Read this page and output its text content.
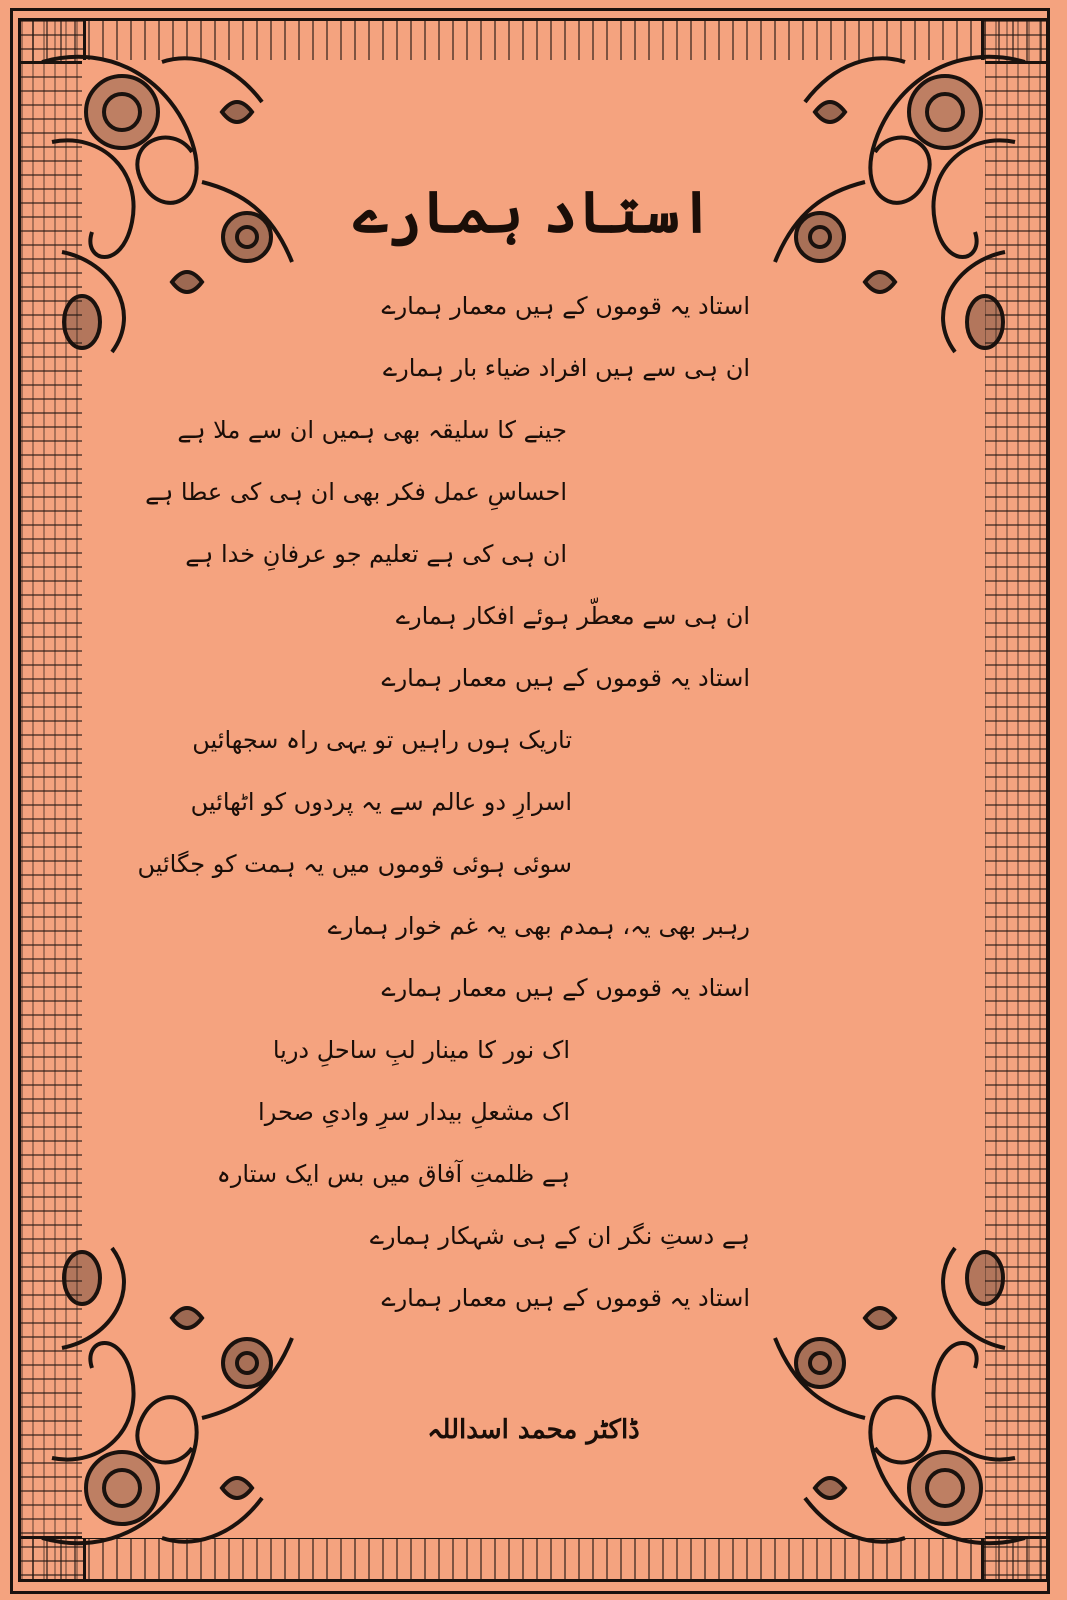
استاد ہمارے
استاد یہ قوموں کے ہیں معمار ہمارے
ان ہی سے ہیں افراد ضیاء بار ہمارے
جینے کا سلیقہ بھی ہمیں ان سے ملا ہے
احساسِ عمل فکر بھی ان ہی کی عطا ہے
ان ہی کی ہے تعلیم جو عرفانِ خدا ہے
ان ہی سے معطّر ہوئے افکار ہمارے
استاد یہ قوموں کے ہیں معمار ہمارے
تاریک ہوں راہیں تو یہی راہ سجھائیں
اسرارِ دو عالم سے یہ پردوں کو اٹھائیں
سوئی ہوئی قوموں میں یہ ہمت کو جگائیں
رہبر بھی یہ، ہمدم بھی یہ غم خوار ہمارے
استاد یہ قوموں کے ہیں معمار ہمارے
اک نور کا مینار لبِ ساحلِ دریا
اک مشعلِ بیدار سرِ وادیِ صحرا
ہے ظلمتِ آفاق میں بس ایک ستارہ
ہے دستِ نگر ان کے ہی شہکار ہمارے
استاد یہ قوموں کے ہیں معمار ہمارے
ڈاکٹر محمد اسداللہ
